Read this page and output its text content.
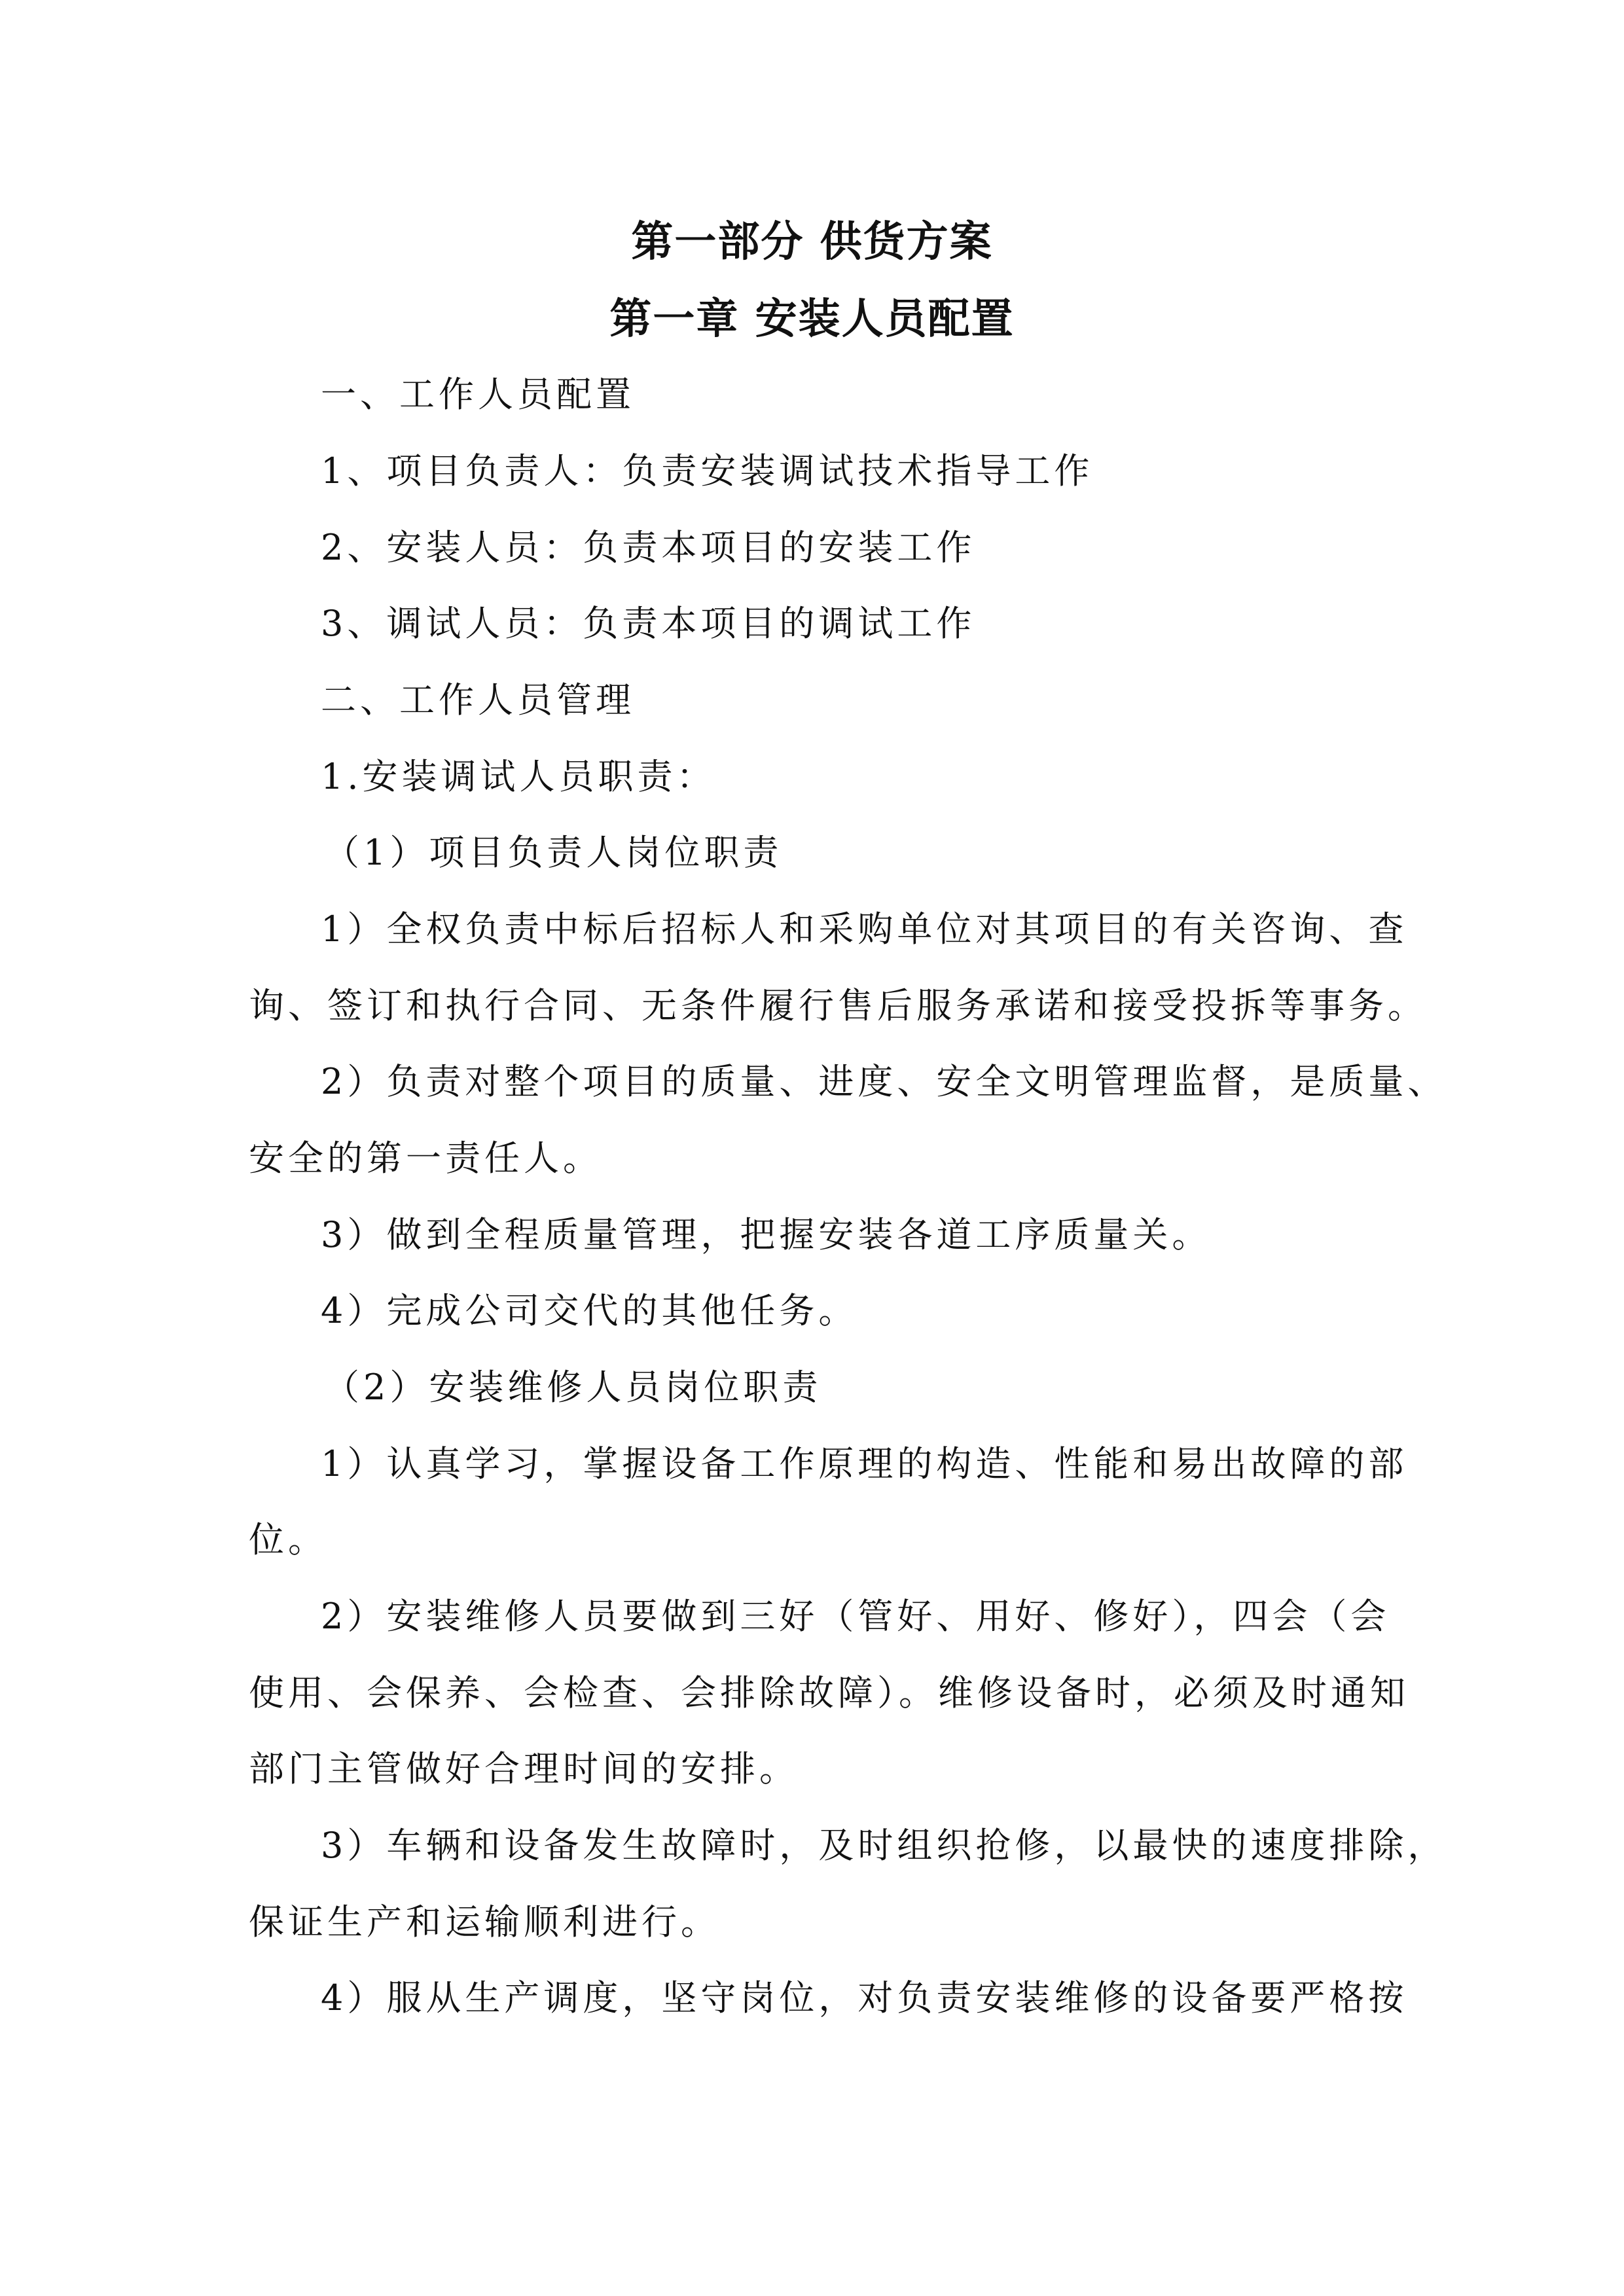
第一部分 供货方案
第一章 安装人员配置
一、工作人员配置
1、项目负责人：负责安装调试技术指导工作
2、安装人员：负责本项目的安装工作
3、调试人员：负责本项目的调试工作
二、工作人员管理
1.安装调试人员职责：
（1）项目负责人岗位职责
1）全权负责中标后招标人和采购单位对其项目的有关咨询、查
询、签订和执行合同、无条件履行售后服务承诺和接受投拆等事务。
2）负责对整个项目的质量、进度、安全文明管理监督，是质量、
安全的第一责任人。
3）做到全程质量管理，把握安装各道工序质量关。
4）完成公司交代的其他任务。
（2）安装维修人员岗位职责
1）认真学习，掌握设备工作原理的构造、性能和易出故障的部
位。
2）安装维修人员要做到三好（管好、用好、修好），四会（会
使用、会保养、会检查、会排除故障）。维修设备时，必须及时通知
部门主管做好合理时间的安排。
3）车辆和设备发生故障时，及时组织抢修，以最快的速度排除，
保证生产和运输顺利进行。
4）服从生产调度，坚守岗位，对负责安装维修的设备要严格按
